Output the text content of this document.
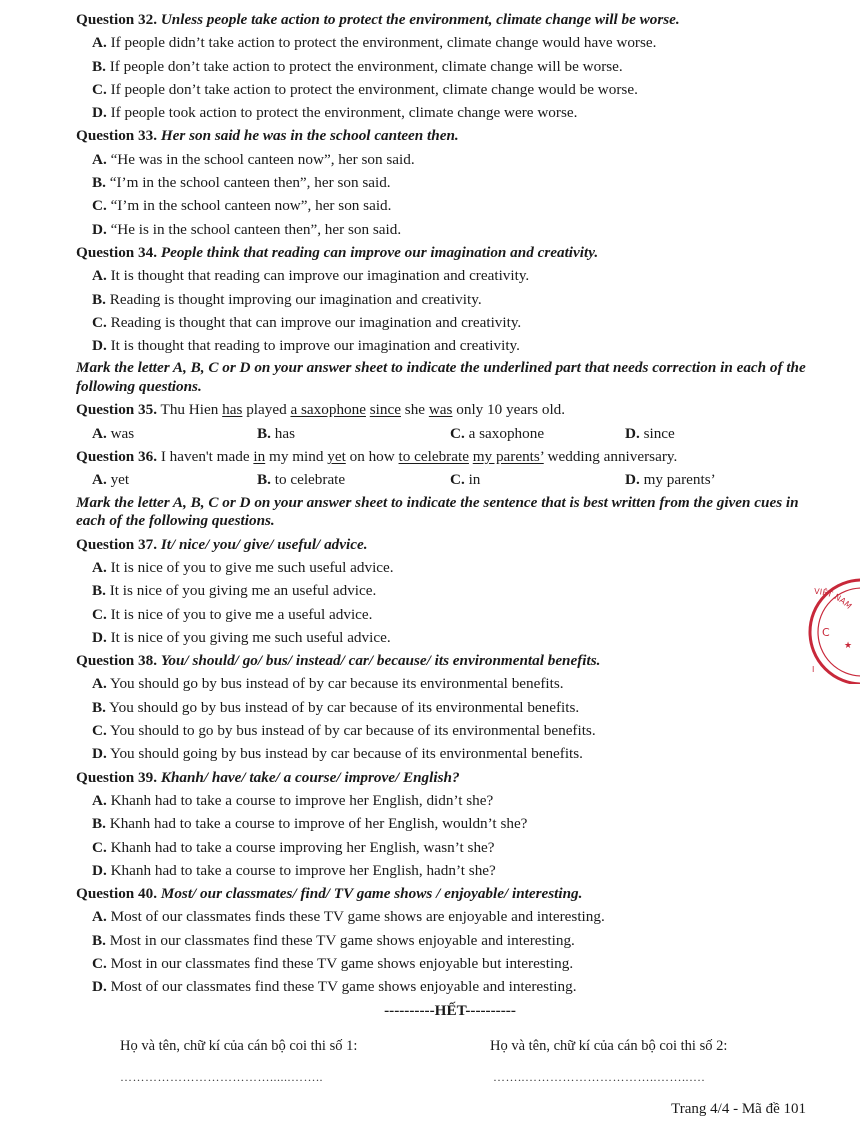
Question 32. Unless people take action to protect the environment, climate change will be worse.
A. If people didn’t take action to protect the environment, climate change would have worse.
B. If people don’t take action to protect the environment, climate change will be worse.
C. If people don’t take action to protect the environment, climate change would be worse.
D. If people took action to protect the environment, climate change were worse.
Question 33. Her son said he was in the school canteen then.
A. “He was in the school canteen now”, her son said.
B. “I’m in the school canteen then”, her son said.
C. “I’m in the school canteen now”, her son said.
D. “He is in the school canteen then”, her son said.
Question 34. People think that reading can improve our imagination and creativity.
A. It is thought that reading can improve our imagination and creativity.
B. Reading is thought improving our imagination and creativity.
C. Reading is thought that can improve our imagination and creativity.
D. It is thought that reading to improve our imagination and creativity.
Mark the letter A, B, C or D on your answer sheet to indicate the underlined part that needs correction in each of the following questions.
Question 35. Thu Hien has played a saxophone since she was only 10 years old.
A. was	B. has	C. a saxophone	D. since
Question 36. I haven't made in my mind yet on how to celebrate my parents’ wedding anniversary.
A. yet	B. to celebrate	C. in	D. my parents’
Mark the letter A, B, C or D on your answer sheet to indicate the sentence that is best written from the given cues in each of the following questions.
Question 37. It/ nice/ you/ give/ useful/ advice.
A. It is nice of you to give me such useful advice.
B. It is nice of you giving me an useful advice.
C. It is nice of you to give me a useful advice.
D. It is nice of you giving me such useful advice.
Question 38. You/ should/ go/ bus/ instead/ car/ because/ its environmental benefits.
A. You should go by bus instead of by car because its environmental benefits.
B. You should go by bus instead of by car because of its environmental benefits.
C. You should to go by bus instead of by car because of its environmental benefits.
D. You should going by bus instead by car because of its environmental benefits.
Question 39. Khanh/ have/ take/ a course/ improve/ English?
A. Khanh had to take a course to improve her English, didn’t she?
B. Khanh had to take a course to improve of her English, wouldn’t she?
C. Khanh had to take a course improving her English, wasn’t she?
D. Khanh had to take a course to improve her English, hadn’t she?
Question 40. Most/ our classmates/ find/ TV game shows / enjoyable/ interesting.
A. Most of our classmates finds these TV game shows are enjoyable and interesting.
B. Most in our classmates find these TV game shows enjoyable and interesting.
C. Most in our classmates find these TV game shows enjoyable but interesting.
D. Most of our classmates find these TV game shows enjoyable and interesting.
----------HẾT----------
Họ và tên, chữ kí của cán bộ coi thi số 1:	Họ và tên, chữ kí của cán bộ coi thi số 2:
………………………………......……..	……..…………………………..……..….
Trang 4/4 - Mã đề 101
VIỆT NAM
C
★
I
